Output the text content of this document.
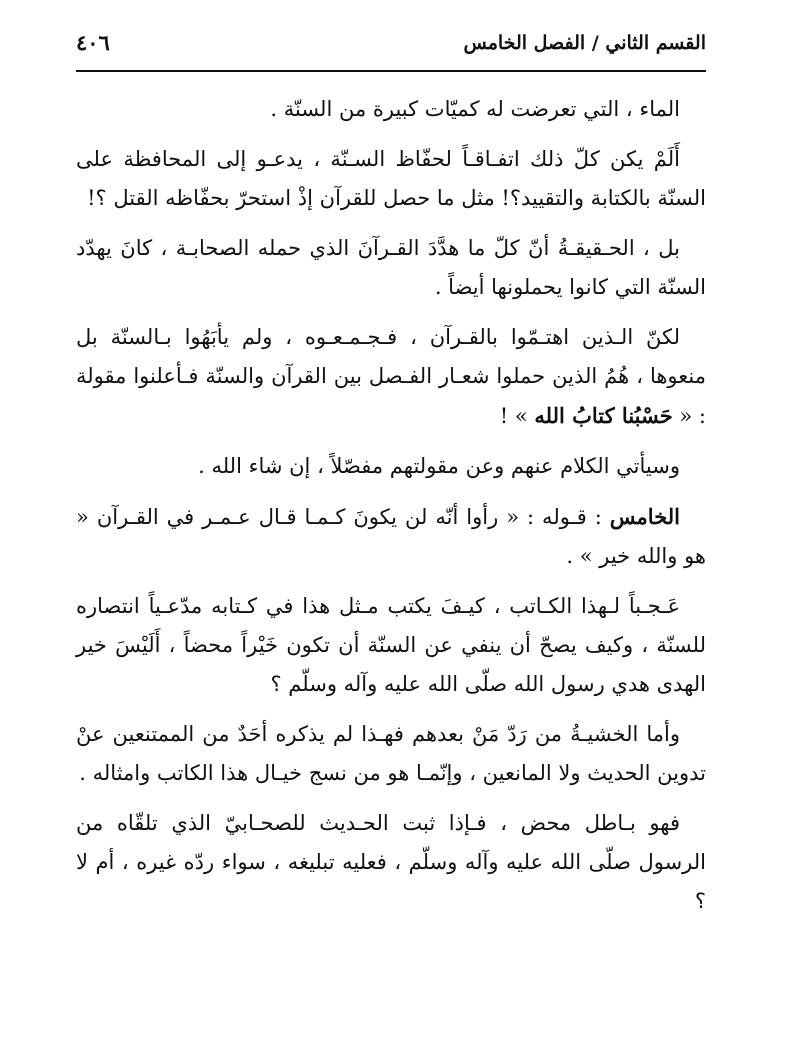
القسم الثاني / الفصل الخامس
٤٠٦

الماء ، التي تعرضت له كميّات كبيرة من السنّة .

أَلَمْ يكن كلّ ذلك اتفـاقـاً لحفّاظ السـنّة ، يدعـو إلى المحافظة على السنّة بالكتابة والتقييد؟! مثل ما حصل للقرآن إذْ استحرّ بحفّاظه القتل ؟!

بل ، الحـقيقـةُ أنّ كلّ ما هدَّدَ القـرآنَ الذي حمله الصحابـة ، كانَ يهدّد السنّة التي كانوا يحملونها أيضاً .

لكنّ الـذين اهتـمّوا بالقـرآن ، فـجـمـعـوه ، ولم يأبَهُوا بـالسنّة بل منعوها ، هُمُ الذين حملوا شعـار الفـصل بين القرآن والسنّة فـأعلنوا مقولة : « حَسْبُنا كتابُ الله » !

وسيأتي الكلام عنهم وعن مقولتهم مفصّلاً ، إن شاء الله .

الخامس : قـوله : « رأوا أنّه لن يكونَ كـمـا قـال عـمـر في القـرآن « هو والله خير » .

عَـجـباً لـهذا الكـاتب ، كيـفَ يكتب مـثل هذا في كـتابه مدّعـياً انتصاره للسنّة ، وكيف يصحّ أن ينفي عن السنّة أن تكون خَيْراً محضاً ، أَلَيْسَ خير الهدى هدي رسول الله صلّى الله عليه وآله وسلّم ؟

وأما الخشيـةُ من رَدّ مَنْ بعدهم فهـذا لم يذكره أحَدٌ من الممتنعين عنْ تدوين الحديث ولا المانعين ، وإنّمـا هو من نسج خيـال هذا الكاتب وامثاله .

فهو بـاطل محض ، فـإذا ثبت الحـديث للصحـابيّ الذي تلقّاه من الرسول صلّى الله عليه وآله وسلّم ، فعليه تبليغه ، سواء ردّه غيره ، أم لا ؟
